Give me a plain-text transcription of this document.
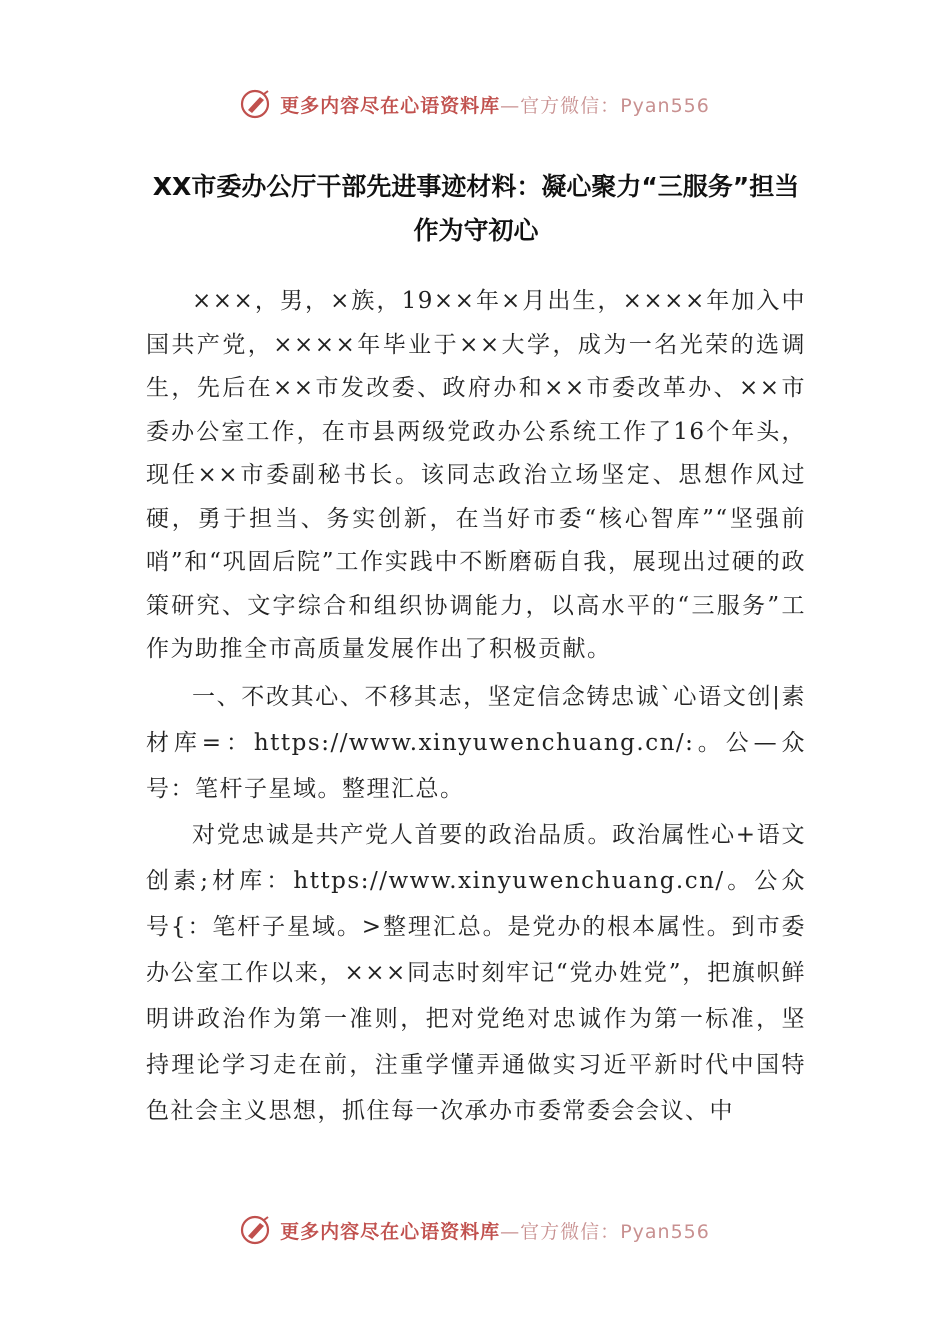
更多内容尽在心语资料库—官方微信：Pyan556
XX市委办公厅干部先进事迹材料：凝心聚力“三服务”担当作为守初心

×××，男，×族，19××年×月出生，××××年加入中国共产党，××××年毕业于××大学，成为一名光荣的选调生，先后在××市发改委、政府办和××市委改革办、××市委办公室工作，在市县两级党政办公系统工作了16个年头，现任××市委副秘书长。该同志政治立场坚定、思想作风过硬，勇于担当、务实创新，在当好市委“核心智库”“坚强前哨”和“巩固后院”工作实践中不断磨砺自我，展现出过硬的政策研究、文字综合和组织协调能力，以高水平的“三服务”工作为助推全市高质量发展作出了积极贡献。

一、不改其心、不移其志，坚定信念铸忠诚`心语文创|素材库=：https://www.xinyuwenchuang.cn/:。公—众号：笔杆子星域。整理汇总。

对党忠诚是共产党人首要的政治品质。政治属性心+语文创素;材库：https://www.xinyuwenchuang.cn/。公众号{：笔杆子星域。>整理汇总。是党办的根本属性。到市委办公室工作以来，×××同志时刻牢记“党办姓党”，把旗帜鲜明讲政治作为第一准则，把对党绝对忠诚作为第一标准，坚持理论学习走在前，注重学懂弄通做实习近平新时代中国特色社会主义思想，抓住每一次承办市委常委会会议、中

更多内容尽在心语资料库—官方微信：Pyan556
